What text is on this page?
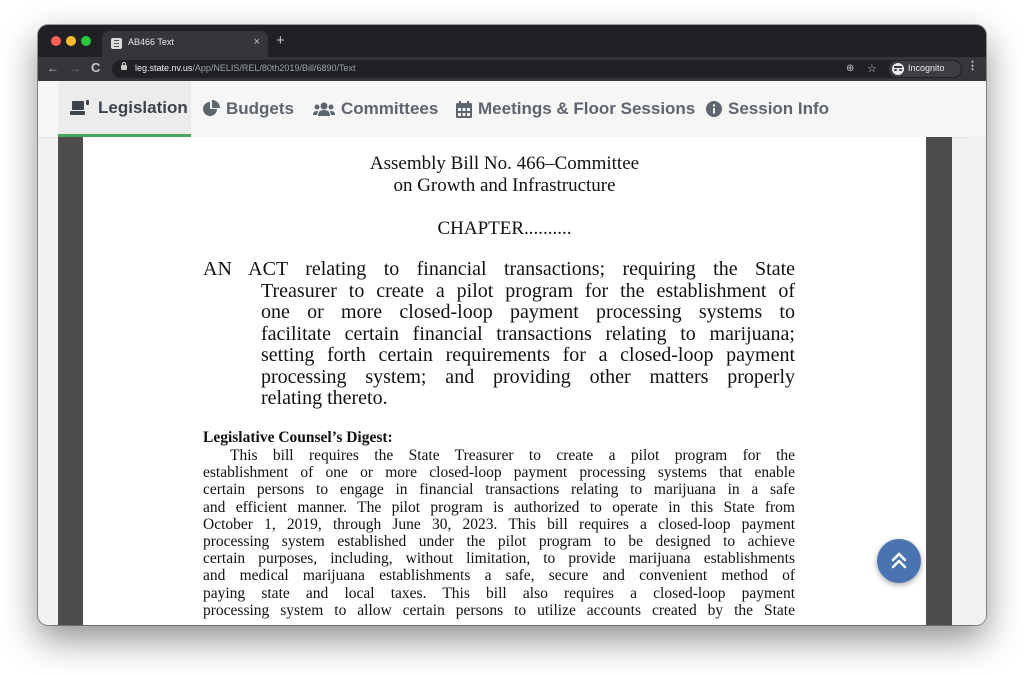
AB466 Text	× +
← → C	leg.state.nv.us/App/NELIS/REL/80th2019/Bill/6890/Text	⊕ ☆	Incognito ⋮
Legislation Budgets	Committees Meetings & Floor Sessions Session Info
Assembly Bill No. 466–Committee
on Growth and Infrastructure
CHAPTER..........
AN ACT relating to financial transactions; requiring the State
Treasurer to create a pilot program for the establishment of
one or more closed-loop payment processing systems to
facilitate certain financial transactions relating to marijuana;
setting forth certain requirements for a closed-loop payment
processing system; and providing other matters properly
relating thereto.
Legislative Counsel’s Digest:
This bill requires the State Treasurer to create a pilot program for the
establishment of one or more closed-loop payment processing systems that enable
certain persons to engage in financial transactions relating to marijuana in a safe
and efficient manner. The pilot program is authorized to operate in this State from
October 1, 2019, through June 30, 2023. This bill requires a closed-loop payment
processing system established under the pilot program to be designed to achieve
certain purposes, including, without limitation, to provide marijuana establishments
and medical marijuana establishments a safe, secure and convenient method of
paying state and local taxes. This bill also requires a closed-loop payment
processing system to allow certain persons to utilize accounts created by the State
